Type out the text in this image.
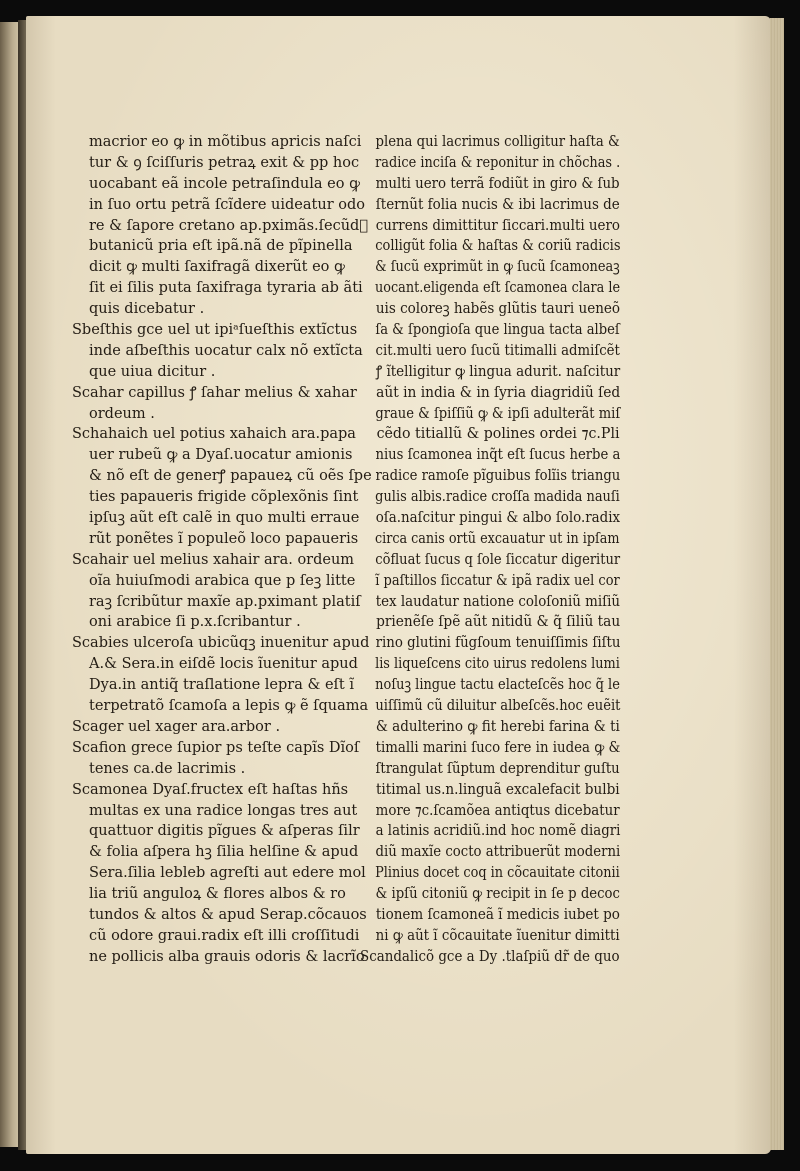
macrior eo ꝙ in mõtibus apricis naſci
tur & ꝯ ſciſſuris petraꝝ exit & pp hoc
uocabant eã incole petraſindula eo ꝙ
in ſuo ortu petrã ſcĩdere uideatur odo
re & ſapore cretano ap.pximãs.ſecũdᷣ
butanicũ pria eſt ipã.nã de pĩpinella
dicit ꝙ multi ſaxifragã dixerũt eo ꝙ
ſit ei ſilis puta ſaxifraga tyraria ab ãti
quis dicebatur .
Sbeſthis gce uel ut ipiᵃſueſthis extĩctus
inde aſbeſthis uocatur calx nõ extĩcta
que uiua dicitur .
Scahar capillus ꝭ ſahar melius & xahar
ordeum .
Schahaich uel potius xahaich ara.papa
uer rubeũ ꝙ a Dyaſ.uocatur amionis
& nõ eſt de generꝭ papaueꝝ cũ oẽs ſpe
ties papaueris frigide cõplexõnis ſint
ipſuꝫ aũt eſt calẽ in quo multi erraue
rũt ponẽtes ĩ populeõ loco papaueris
Scahair uel melius xahair ara. ordeum
oĩa huiuſmodi arabica que p ſeꝫ litte
raꝫ ſcribũtur maxĩe ap.pximant platiſ
oni arabice ſi p.x.ſcribantur .
Scabies ulceroſa ubicũqꝫ inuenitur apud
A.& Sera.in eiſdẽ locis ĩuenitur apud
Dya.in antiq̃ traſlatione lepra & eſt ĩ
terpetratõ ſcamoſa a lepis ꝙ ẽ ſquama
Scager uel xager ara.arbor .
Scafion grece ſupior ps teſte capĩs Dĩoſ
tenes ca.de lacrimis .
Scamonea Dyaſ.fructex eſt haſtas hñs
multas ex una radice longas tres aut
quattuor digitis pĩgues & aſperas ſilr
& folia aſpera hꝫ ſilia helſine & apud
Sera.ſilia lebleb agreſti aut edere mol
lia triũ anguloꝝ & flores albos & ro
tundos & altos & apud Serap.cõcauos
cũ odore graui.radix eſt illi croſſitudi
ne pollicis alba grauis odoris & lacrĩo
plena qui lacrimus colligitur haſta &
radice inciſa & reponitur in chõchas .
multi uero terrã fodiũt in giro & ſub
ſternũt folia nucis & ibi lacrimus de
currens dimittitur ſiccari.multi uero
colligũt folia & haſtas & coriũ radicis
& ſucũ exprimũt in ꝙ ſucũ ſcamoneaꝫ
uocant.eligenda eſt ſcamonea clara le
uis coloreꝫ habẽs glũtis tauri ueneõ
ſa & ſpongioſa que lingua tacta albeſ
cit.multi uero ſucũ titimalli admiſcẽt
ꝭ ĩtelligitur ꝙ lingua adurit. naſcitur
aũt in india & in ſyria diagridiũ ſed
graue & ſpiſſiũ ꝙ & ipſi adulterãt miſ
cẽdo titiallũ & polines ordei ⁊c.Pli
nius ſcamonea inq̃t eſt ſucus herbe a
radice ramoſe pĩguibus folĩis triangu
gulis albis.radice croſſa madida nauſi
oſa.naſcitur pingui & albo ſolo.radix
circa canis ortũ excauatur ut in ipſam
cõfluat ſucus q ſole ſiccatur digeritur
ĩ paſtillos ſiccatur & ipã radix uel cor
tex laudatur natione coloſoniũ miſiũ
prienẽſe ſpẽ aũt nitidũ & q̃ ſiliũ tau
rino glutini fũgſoum tenuiſſimis ſiſtu
lis liqueſcens cito uirus redolens lumi
noſuꝫ lingue tactu elacteſcẽs hoc q̃ le
uiſſimũ cũ diluitur albeſcẽs.hoc euẽit
& adulterino ꝙ fit herebi farina & ti
timalli marini ſuco fere in iudea ꝙ &
ſtrangulat ſũptum deprenditur guſtu
titimal us.n.linguã excalefacit bulbi
more ⁊c.ſcamõea antiqtus dicebatur
a latinis acridiũ.ind hoc nomẽ diagri
diũ maxĩe cocto attribuerũt moderni
Plinius docet coq in cõcauitate citonii
& ipſũ citoniũ ꝙ recipit in ſe p decoc
tionem ſcamoneã ĩ medicis iubet po
ni ꝙ aũt ĩ cõcauitate ĩuenitur dimitti
Scandalicõ gce a Dy .tlaſpiũ dr̃ de quo
